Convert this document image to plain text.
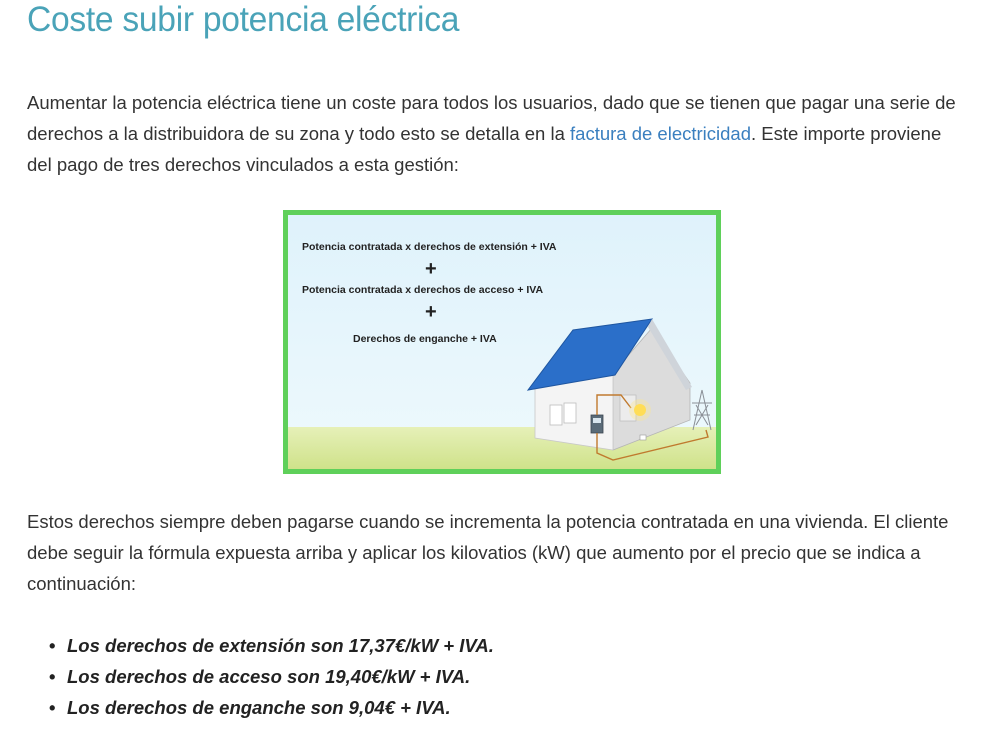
Coste subir potencia eléctrica

Aumentar la potencia eléctrica tiene un coste para todos los usuarios, dado que se tienen que pagar una serie de derechos a la distribuidora de su zona y todo esto se detalla en la factura de electricidad. Este importe proviene del pago de tres derechos vinculados a esta gestión:

Potencia contratada x derechos de extensión + IVA
+
Potencia contratada x derechos de acceso + IVA
+
Derechos de enganche + IVA

Estos derechos siempre deben pagarse cuando se incrementa la potencia contratada en una vivienda. El cliente debe seguir la fórmula expuesta arriba y aplicar los kilovatios (kW) que aumento por el precio que se indica a continuación:

• Los derechos de extensión son 17,37€/kW + IVA.
• Los derechos de acceso son 19,40€/kW + IVA.
• Los derechos de enganche son 9,04€ + IVA.
